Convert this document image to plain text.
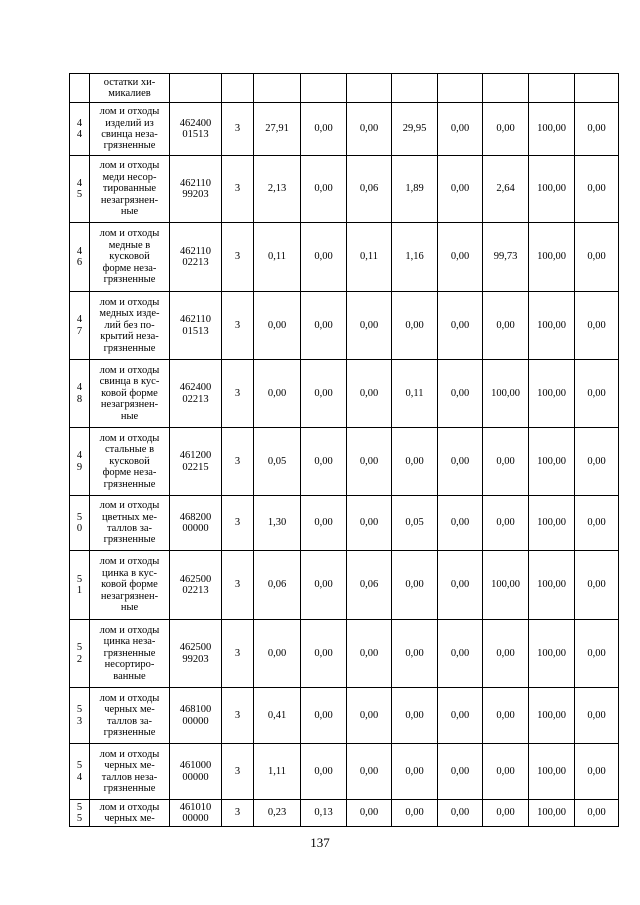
	остатки хи-
микалиев										
4
4	лом и отходы
изделий из
свинца неза-
грязненные	462400
01513	3	27,91	0,00	0,00	29,95	0,00	0,00	100,00	0,00
4
5	лом и отходы
меди несор-
тированные
незагрязнен-
ные	462110
99203	3	2,13	0,00	0,06	1,89	0,00	2,64	100,00	0,00
4
6	лом и отходы
медные в
кусковой
форме неза-
грязненные	462110
02213	3	0,11	0,00	0,11	1,16	0,00	99,73	100,00	0,00
4
7	лом и отходы
медных изде-
лий без по-
крытий неза-
грязненные	462110
01513	3	0,00	0,00	0,00	0,00	0,00	0,00	100,00	0,00
4
8	лом и отходы
свинца в кус-
ковой форме
незагрязнен-
ные	462400
02213	3	0,00	0,00	0,00	0,11	0,00	100,00	100,00	0,00
4
9	лом и отходы
стальные в
кусковой
форме неза-
грязненные	461200
02215	3	0,05	0,00	0,00	0,00	0,00	0,00	100,00	0,00
5
0	лом и отходы
цветных ме-
таллов за-
грязненные	468200
00000	3	1,30	0,00	0,00	0,05	0,00	0,00	100,00	0,00
5
1	лом и отходы
цинка в кус-
ковой форме
незагрязнен-
ные	462500
02213	3	0,06	0,00	0,06	0,00	0,00	100,00	100,00	0,00
5
2	лом и отходы
цинка неза-
грязненные
несортиро-
ванные	462500
99203	3	0,00	0,00	0,00	0,00	0,00	0,00	100,00	0,00
5
3	лом и отходы
черных ме-
таллов за-
грязненные	468100
00000	3	0,41	0,00	0,00	0,00	0,00	0,00	100,00	0,00
5
4	лом и отходы
черных ме-
таллов неза-
грязненные	461000
00000	3	1,11	0,00	0,00	0,00	0,00	0,00	100,00	0,00
5
5	лом и отходы
черных ме-	461010
00000	3	0,23	0,13	0,00	0,00	0,00	0,00	100,00	0,00
137
